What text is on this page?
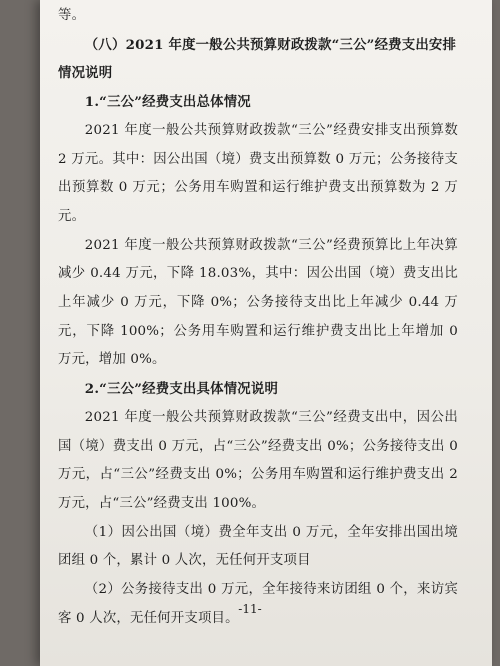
等。

（八）2021 年度一般公共预算财政拨款“三公”经费支出安排情况说明

1.“三公”经费支出总体情况

2021 年度一般公共预算财政拨款“三公”经费安排支出预算数 2 万元。其中：因公出国（境）费支出预算数 0 万元；公务接待支出预算数 0 万元；公务用车购置和运行维护费支出预算数为 2 万元。

2021 年度一般公共预算财政拨款“三公”经费预算比上年决算减少 0.44 万元，下降 18.03%，其中：因公出国（境）费支出比上年减少 0 万元，下降 0%；公务接待支出比上年减少 0.44 万元，下降 100%；公务用车购置和运行维护费支出比上年增加 0 万元，增加 0%。

2.“三公”经费支出具体情况说明

2021 年度一般公共预算财政拨款“三公”经费支出中，因公出国（境）费支出 0 万元，占“三公”经费支出 0%；公务接待支出 0 万元，占“三公”经费支出 0%；公务用车购置和运行维护费支出 2 万元，占“三公”经费支出 100%。

（1）因公出国（境）费全年支出 0 万元，全年安排出国出境团组 0 个，累计 0 人次，无任何开支项目

（2）公务接待支出 0 万元，全年接待来访团组 0 个，来访宾客 0 人次，无任何开支项目。

-11-
